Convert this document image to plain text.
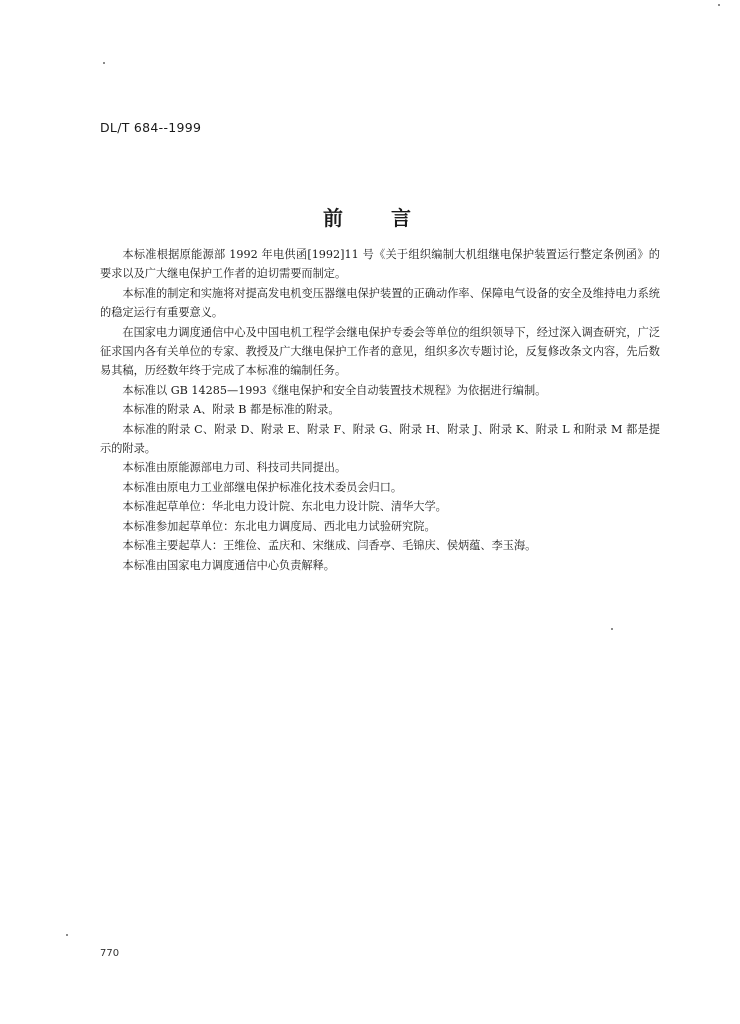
DL/T 684--1999
前言

本标准根据原能源部 1992 年电供函[1992]11 号《关于组织编制大机组继电保护装置运行整定条例函》的要求以及广大继电保护工作者的迫切需要而制定。

本标准的制定和实施将对提高发电机变压器继电保护装置的正确动作率、保障电气设备的安全及维持电力系统的稳定运行有重要意义。

在国家电力调度通信中心及中国电机工程学会继电保护专委会等单位的组织领导下，经过深入调查研究，广泛征求国内各有关单位的专家、教授及广大继电保护工作者的意见，组织多次专题讨论，反复修改条文内容，先后数易其稿，历经数年终于完成了本标准的编制任务。

本标准以 GB 14285—1993《继电保护和安全自动装置技术规程》为依据进行编制。

本标准的附录 A、附录 B 都是标准的附录。

本标准的附录 C、附录 D、附录 E、附录 F、附录 G、附录 H、附录 J、附录 K、附录 L 和附录 M 都是提示的附录。

本标准由原能源部电力司、科技司共同提出。

本标准由原电力工业部继电保护标准化技术委员会归口。

本标准起草单位：华北电力设计院、东北电力设计院、清华大学。

本标准参加起草单位：东北电力调度局、西北电力试验研究院。

本标准主要起草人：王维俭、孟庆和、宋继成、闫香亭、毛锦庆、侯炳蕴、李玉海。

本标准由国家电力调度通信中心负责解释。

770
